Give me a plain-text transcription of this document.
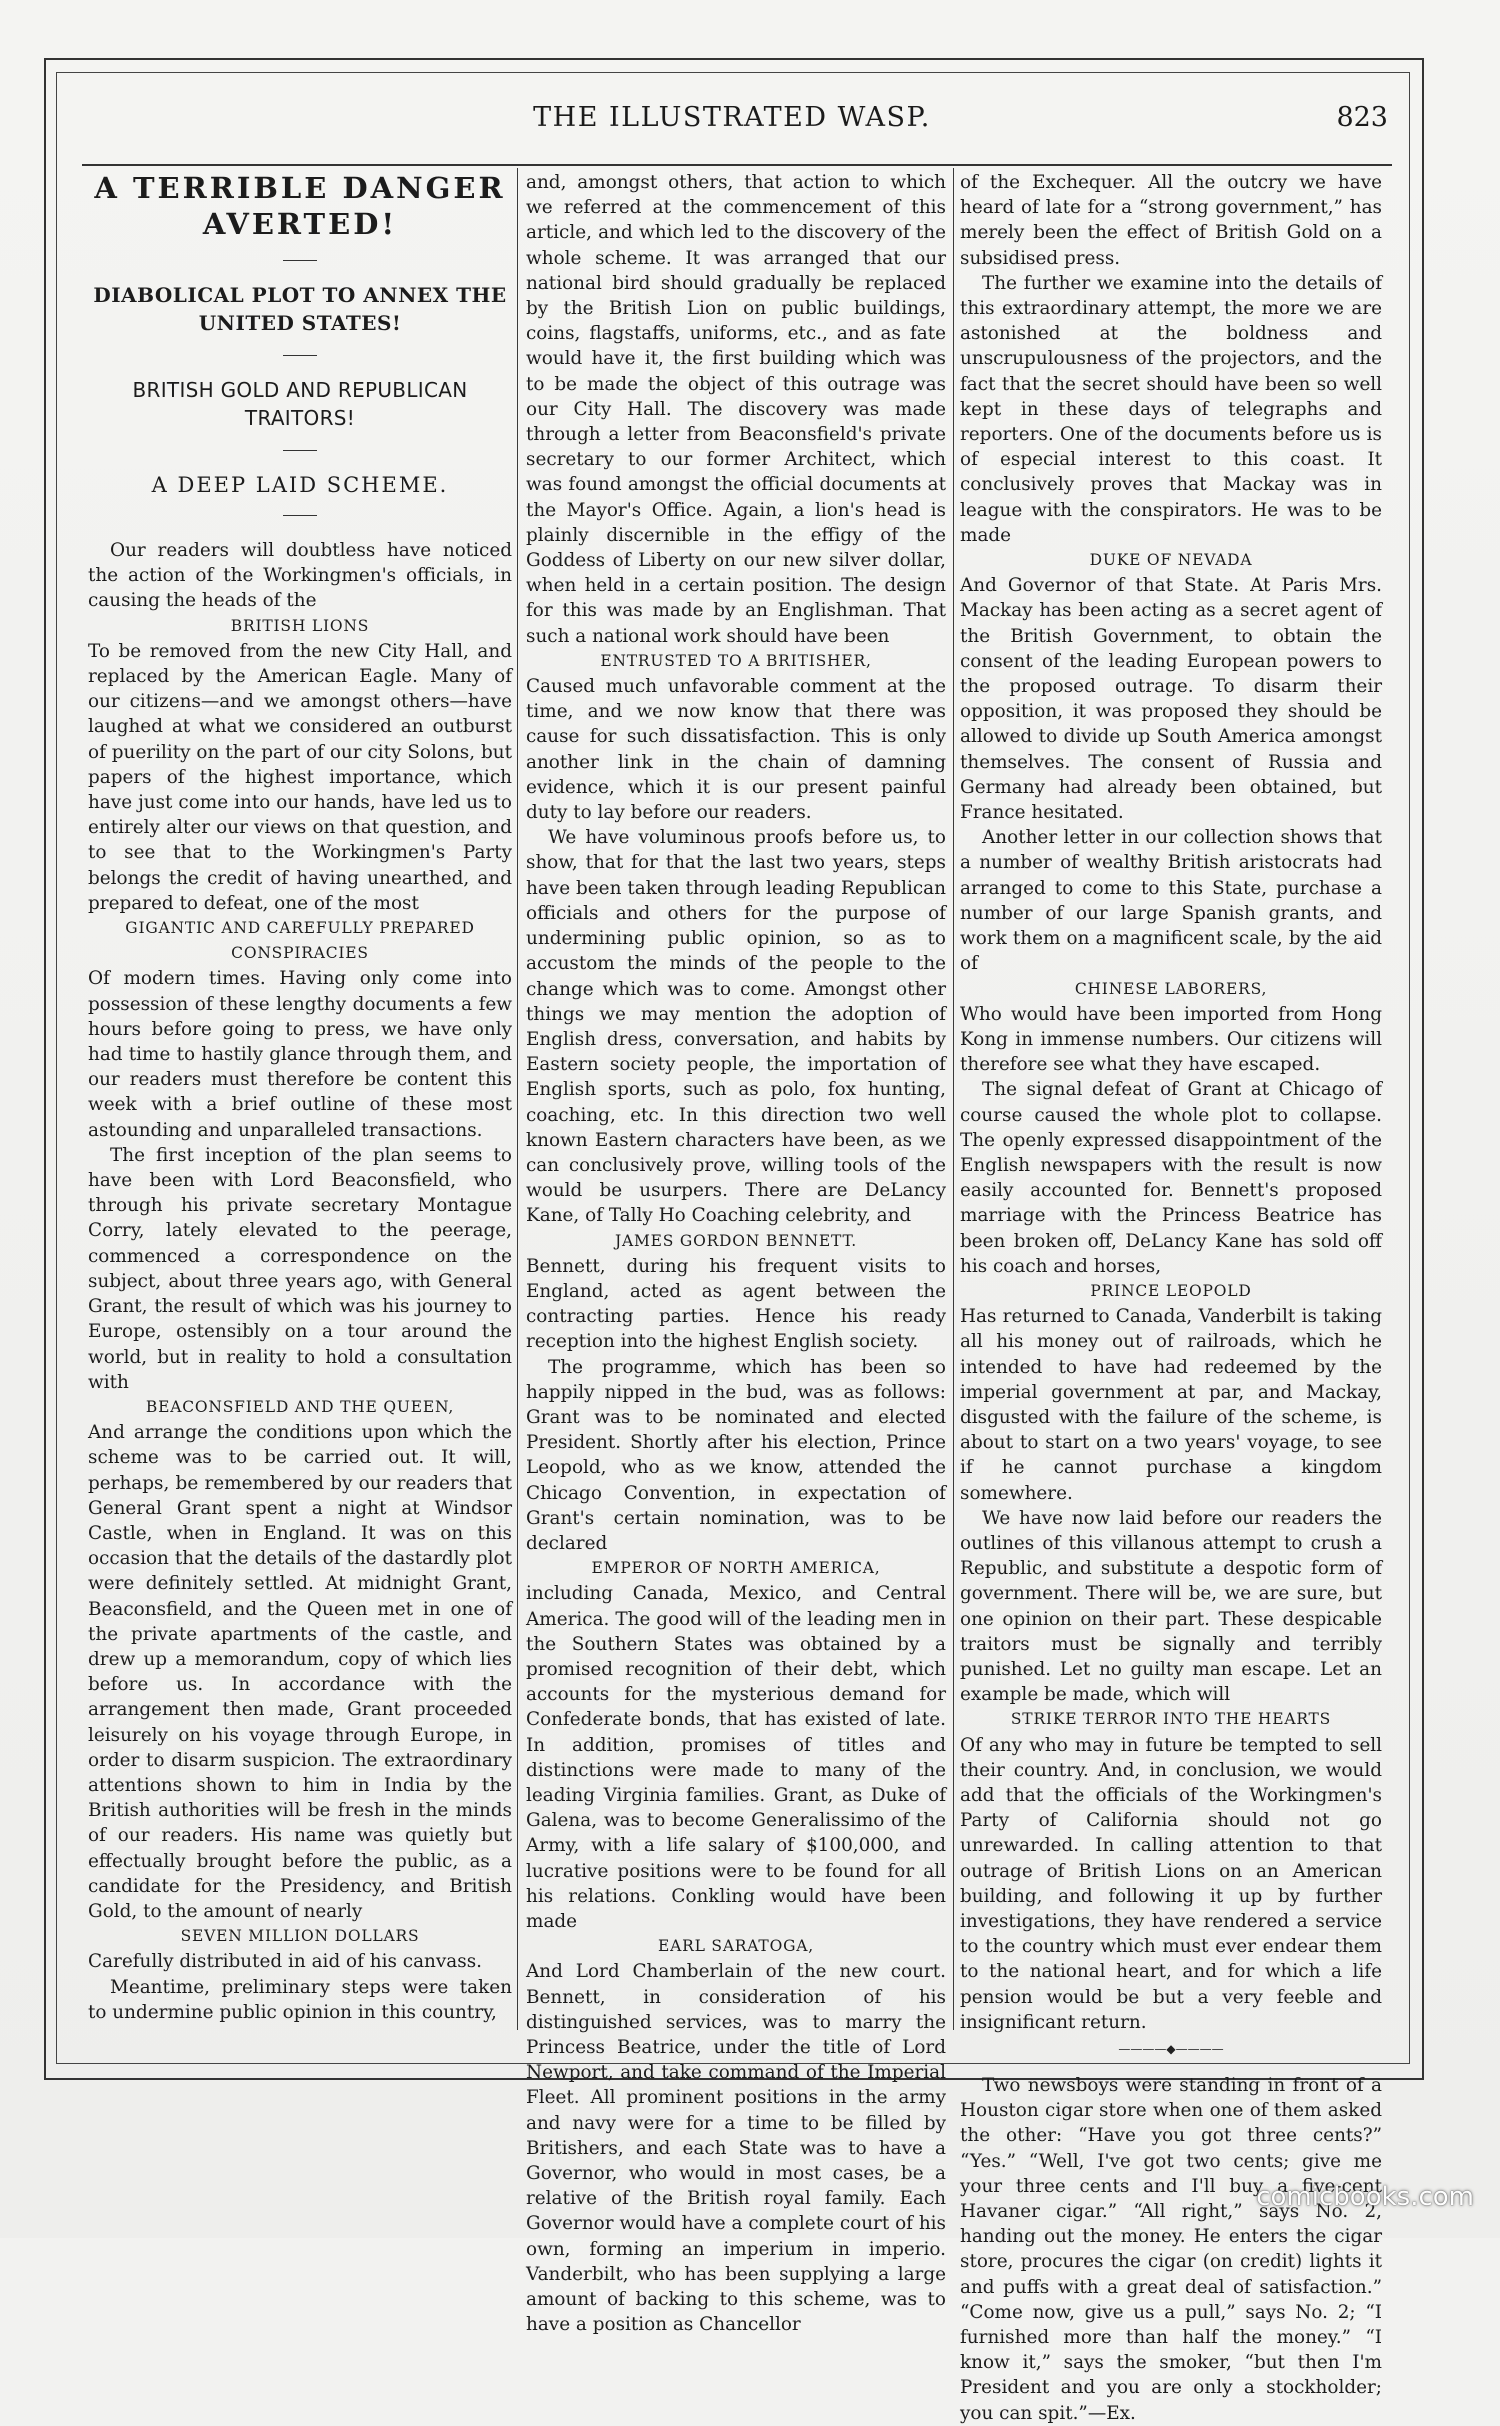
THE ILLUSTRATED WASP.	823

A TERRIBLE DANGER AVERTED!

DIABOLICAL PLOT TO ANNEX THE UNITED STATES!

BRITISH GOLD AND REPUBLICAN TRAITORS!

A DEEP LAID SCHEME.

Our readers will doubtless have noticed the action of the Workingmen's officials, in causing the heads of the

BRITISH LIONS

To be removed from the new City Hall, and replaced by the American Eagle. Many of our citizens—and we amongst others—have laughed at what we considered an outburst of puerility on the part of our city Solons, but papers of the highest importance, which have just come into our hands, have led us to entirely alter our views on that question, and to see that to the Workingmen's Party belongs the credit of having unearthed, and prepared to defeat, one of the most

GIGANTIC AND CAREFULLY PREPARED CONSPIRACIES

Of modern times. Having only come into possession of these lengthy documents a few hours before going to press, we have only had time to hastily glance through them, and our readers must therefore be content this week with a brief outline of these most astounding and unparalleled transactions.

The first inception of the plan seems to have been with Lord Beaconsfield, who through his private secretary Montague Corry, lately elevated to the peerage, commenced a correspondence on the subject, about three years ago, with General Grant, the result of which was his journey to Europe, ostensibly on a tour around the world, but in reality to hold a consultation with

BEACONSFIELD AND THE QUEEN,

And arrange the conditions upon which the scheme was to be carried out. It will, perhaps, be remembered by our readers that General Grant spent a night at Windsor Castle, when in England. It was on this occasion that the details of the dastardly plot were definitely settled. At midnight Grant, Beaconsfield, and the Queen met in one of the private apartments of the castle, and drew up a memorandum, copy of which lies before us. In accordance with the arrangement then made, Grant proceeded leisurely on his voyage through Europe, in order to disarm suspicion. The extraordinary attentions shown to him in India by the British authorities will be fresh in the minds of our readers. His name was quietly but effectually brought before the public, as a candidate for the Presidency, and British Gold, to the amount of nearly

SEVEN MILLION DOLLARS

Carefully distributed in aid of his canvass.

Meantime, preliminary steps were taken to undermine public opinion in this country,

and, amongst others, that action to which we referred at the commencement of this article, and which led to the discovery of the whole scheme. It was arranged that our national bird should gradually be replaced by the British Lion on public buildings, coins, flagstaffs, uniforms, etc., and as fate would have it, the first building which was to be made the object of this outrage was our City Hall. The discovery was made through a letter from Beaconsfield's private secretary to our former Architect, which was found amongst the official documents at the Mayor's Office. Again, a lion's head is plainly discernible in the effigy of the Goddess of Liberty on our new silver dollar, when held in a certain position. The design for this was made by an Englishman. That such a national work should have been

ENTRUSTED TO A BRITISHER,

Caused much unfavorable comment at the time, and we now know that there was cause for such dissatisfaction. This is only another link in the chain of damning evidence, which it is our present painful duty to lay before our readers.

We have voluminous proofs before us, to show, that for that the last two years, steps have been taken through leading Republican officials and others for the purpose of undermining public opinion, so as to accustom the minds of the people to the change which was to come. Amongst other things we may mention the adoption of English dress, conversation, and habits by Eastern society people, the importation of English sports, such as polo, fox hunting, coaching, etc. In this direction two well known Eastern characters have been, as we can conclusively prove, willing tools of the would be usurpers. There are DeLancy Kane, of Tally Ho Coaching celebrity, and

JAMES GORDON BENNETT.

Bennett, during his frequent visits to England, acted as agent between the contracting parties. Hence his ready reception into the highest English society.

The programme, which has been so happily nipped in the bud, was as follows: Grant was to be nominated and elected President. Shortly after his election, Prince Leopold, who as we know, attended the Chicago Convention, in expectation of Grant's certain nomination, was to be declared

EMPEROR OF NORTH AMERICA,

including Canada, Mexico, and Central America. The good will of the leading men in the Southern States was obtained by a promised recognition of their debt, which accounts for the mysterious demand for Confederate bonds, that has existed of late. In addition, promises of titles and distinctions were made to many of the leading Virginia families. Grant, as Duke of Galena, was to become Generalissimo of the Army, with a life salary of $100,000, and lucrative positions were to be found for all his relations. Conkling would have been made

EARL SARATOGA,

And Lord Chamberlain of the new court. Bennett, in consideration of his distinguished services, was to marry the Princess Beatrice, under the title of Lord Newport, and take command of the Imperial Fleet. All prominent positions in the army and navy were for a time to be filled by Britishers, and each State was to have a Governor, who would in most cases, be a relative of the British royal family. Each Governor would have a complete court of his own, forming an imperium in imperio. Vanderbilt, who has been supplying a large amount of backing to this scheme, was to have a position as Chancellor

of the Exchequer. All the outcry we have heard of late for a “strong government,” has merely been the effect of British Gold on a subsidised press.

The further we examine into the details of this extraordinary attempt, the more we are astonished at the boldness and unscrupulousness of the projectors, and the fact that the secret should have been so well kept in these days of telegraphs and reporters. One of the documents before us is of especial interest to this coast. It conclusively proves that Mackay was in league with the conspirators. He was to be made

DUKE OF NEVADA

And Governor of that State. At Paris Mrs. Mackay has been acting as a secret agent of the British Government, to obtain the consent of the leading European powers to the proposed outrage. To disarm their opposition, it was proposed they should be allowed to divide up South America amongst themselves. The consent of Russia and Germany had already been obtained, but France hesitated.

Another letter in our collection shows that a number of wealthy British aristocrats had arranged to come to this State, purchase a number of our large Spanish grants, and work them on a magnificent scale, by the aid of

CHINESE LABORERS,

Who would have been imported from Hong Kong in immense numbers. Our citizens will therefore see what they have escaped.

The signal defeat of Grant at Chicago of course caused the whole plot to collapse. The openly expressed disappointment of the English newspapers with the result is now easily accounted for. Bennett's proposed marriage with the Princess Beatrice has been broken off, DeLancy Kane has sold off his coach and horses,

PRINCE LEOPOLD

Has returned to Canada, Vanderbilt is taking all his money out of railroads, which he intended to have had redeemed by the imperial government at par, and Mackay, disgusted with the failure of the scheme, is about to start on a two years' voyage, to see if he cannot purchase a kingdom somewhere.

We have now laid before our readers the outlines of this villanous attempt to crush a Republic, and substitute a despotic form of government. There will be, we are sure, but one opinion on their part. These despicable traitors must be signally and terribly punished. Let no guilty man escape. Let an example be made, which will

STRIKE TERROR INTO THE HEARTS

Of any who may in future be tempted to sell their country. And, in conclusion, we would add that the officials of the Workingmen's Party of California should not go unrewarded. In calling attention to that outrage of British Lions on an American building, and following it up by further investigations, they have rendered a service to the country which must ever endear them to the national heart, and for which a life pension would be but a very feeble and insignificant return.

————◆————

Two newsboys were standing in front of a Houston cigar store when one of them asked the other: “Have you got three cents?” “Yes.” “Well, I've got two cents; give me your three cents and I'll buy a five-cent Havaner cigar.” “All right,” says No. 2, handing out the money. He enters the cigar store, procures the cigar (on credit) lights it and puffs with a great deal of satisfaction.” “Come now, give us a pull,” says No. 2; “I furnished more than half the money.” “I know it,” says the smoker, “but then I'm President and you are only a stockholder; you can spit.”—Ex.

comicbooks.com
